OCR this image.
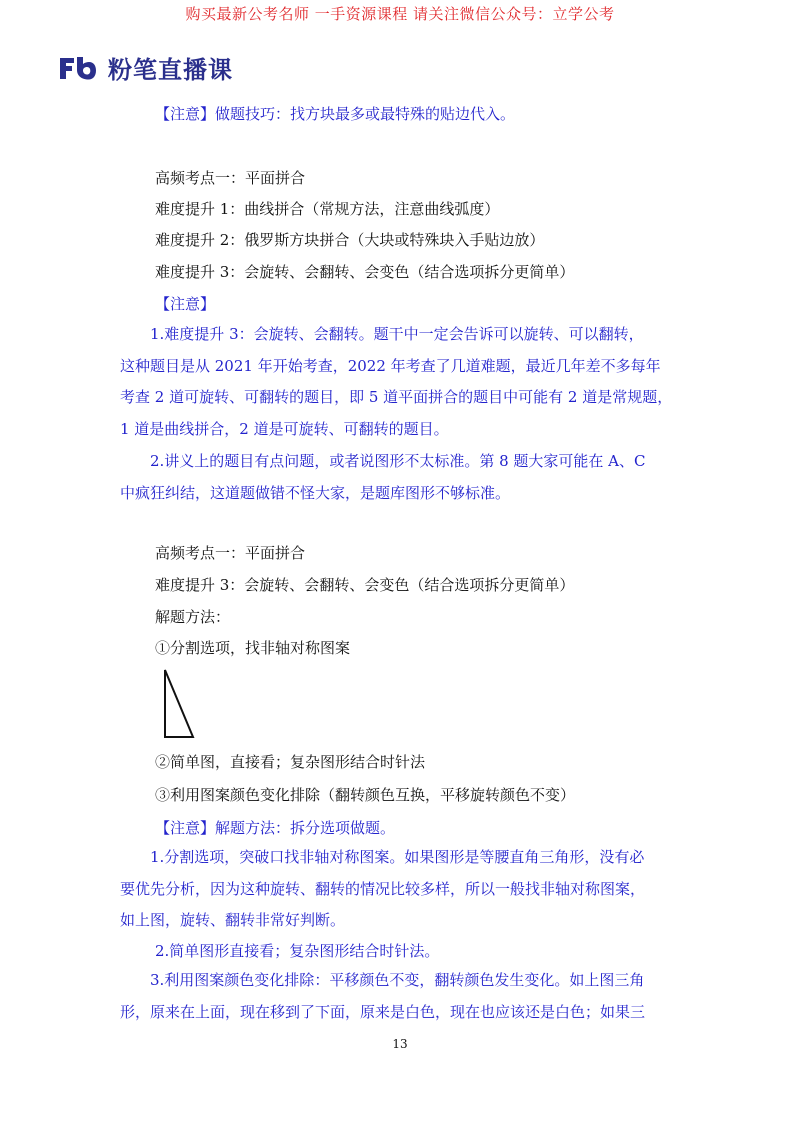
购买最新公考名师 一手资源课程 请关注微信公众号：立学公考
粉笔直播课
【注意】做题技巧：找方块最多或最特殊的贴边代入。
高频考点一：平面拼合
难度提升 1：曲线拼合（常规方法，注意曲线弧度）
难度提升 2：俄罗斯方块拼合（大块或特殊块入手贴边放）
难度提升 3：会旋转、会翻转、会变色（结合选项拆分更简单）
【注意】
1.难度提升 3：会旋转、会翻转。题干中一定会告诉可以旋转、可以翻转，
这种题目是从 2021 年开始考查，2022 年考查了几道难题，最近几年差不多每年
考查 2 道可旋转、可翻转的题目，即 5 道平面拼合的题目中可能有 2 道是常规题，
1 道是曲线拼合，2 道是可旋转、可翻转的题目。
2.讲义上的题目有点问题，或者说图形不太标准。第 8 题大家可能在 A、C
中疯狂纠结，这道题做错不怪大家，是题库图形不够标准。
高频考点一：平面拼合
难度提升 3：会旋转、会翻转、会变色（结合选项拆分更简单）
解题方法：
①分割选项，找非轴对称图案
②简单图，直接看；复杂图形结合时针法
③利用图案颜色变化排除（翻转颜色互换，平移旋转颜色不变）
【注意】解题方法：拆分选项做题。
1.分割选项，突破口找非轴对称图案。如果图形是等腰直角三角形，没有必
要优先分析，因为这种旋转、翻转的情况比较多样，所以一般找非轴对称图案，
如上图，旋转、翻转非常好判断。
2.简单图形直接看；复杂图形结合时针法。
3.利用图案颜色变化排除：平移颜色不变，翻转颜色发生变化。如上图三角
形，原来在上面，现在移到了下面，原来是白色，现在也应该还是白色；如果三
13
